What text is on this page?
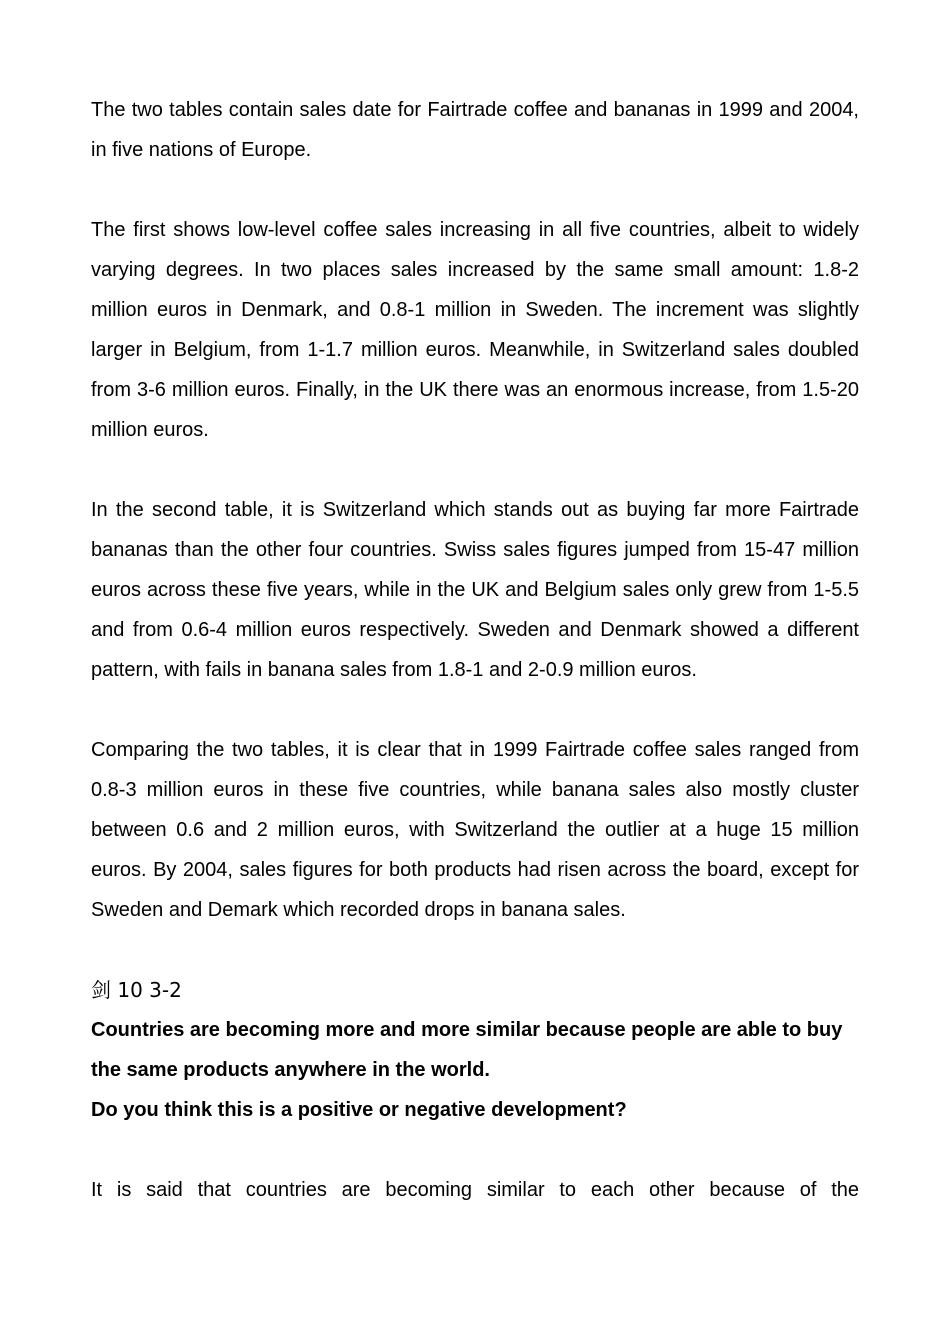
The two tables contain sales date for Fairtrade coffee and bananas in 1999 and 2004, in five nations of Europe.

The first shows low-level coffee sales increasing in all five countries, albeit to widely varying degrees. In two places sales increased by the same small amount: 1.8-2 million euros in Denmark, and 0.8-1 million in Sweden. The increment was slightly larger in Belgium, from 1-1.7 million euros. Meanwhile, in Switzerland sales doubled from 3-6 million euros. Finally, in the UK there was an enormous increase, from 1.5-20 million euros.

In the second table, it is Switzerland which stands out as buying far more Fairtrade bananas than the other four countries. Swiss sales figures jumped from 15-47 million euros across these five years, while in the UK and Belgium sales only grew from 1-5.5 and from 0.6-4 million euros respectively. Sweden and Denmark showed a different pattern, with fails in banana sales from 1.8-1 and 2-0.9 million euros.

Comparing the two tables, it is clear that in 1999 Fairtrade coffee sales ranged from 0.8-3 million euros in these five countries, while banana sales also mostly cluster between 0.6 and 2 million euros, with Switzerland the outlier at a huge 15 million euros. By 2004, sales figures for both products had risen across the board, except for Sweden and Demark which recorded drops in banana sales.

剑 10 3-2

Countries are becoming more and more similar because people are able to buy the same products anywhere in the world.

Do you think this is a positive or negative development?

It is said that countries are becoming similar to each other because of the
